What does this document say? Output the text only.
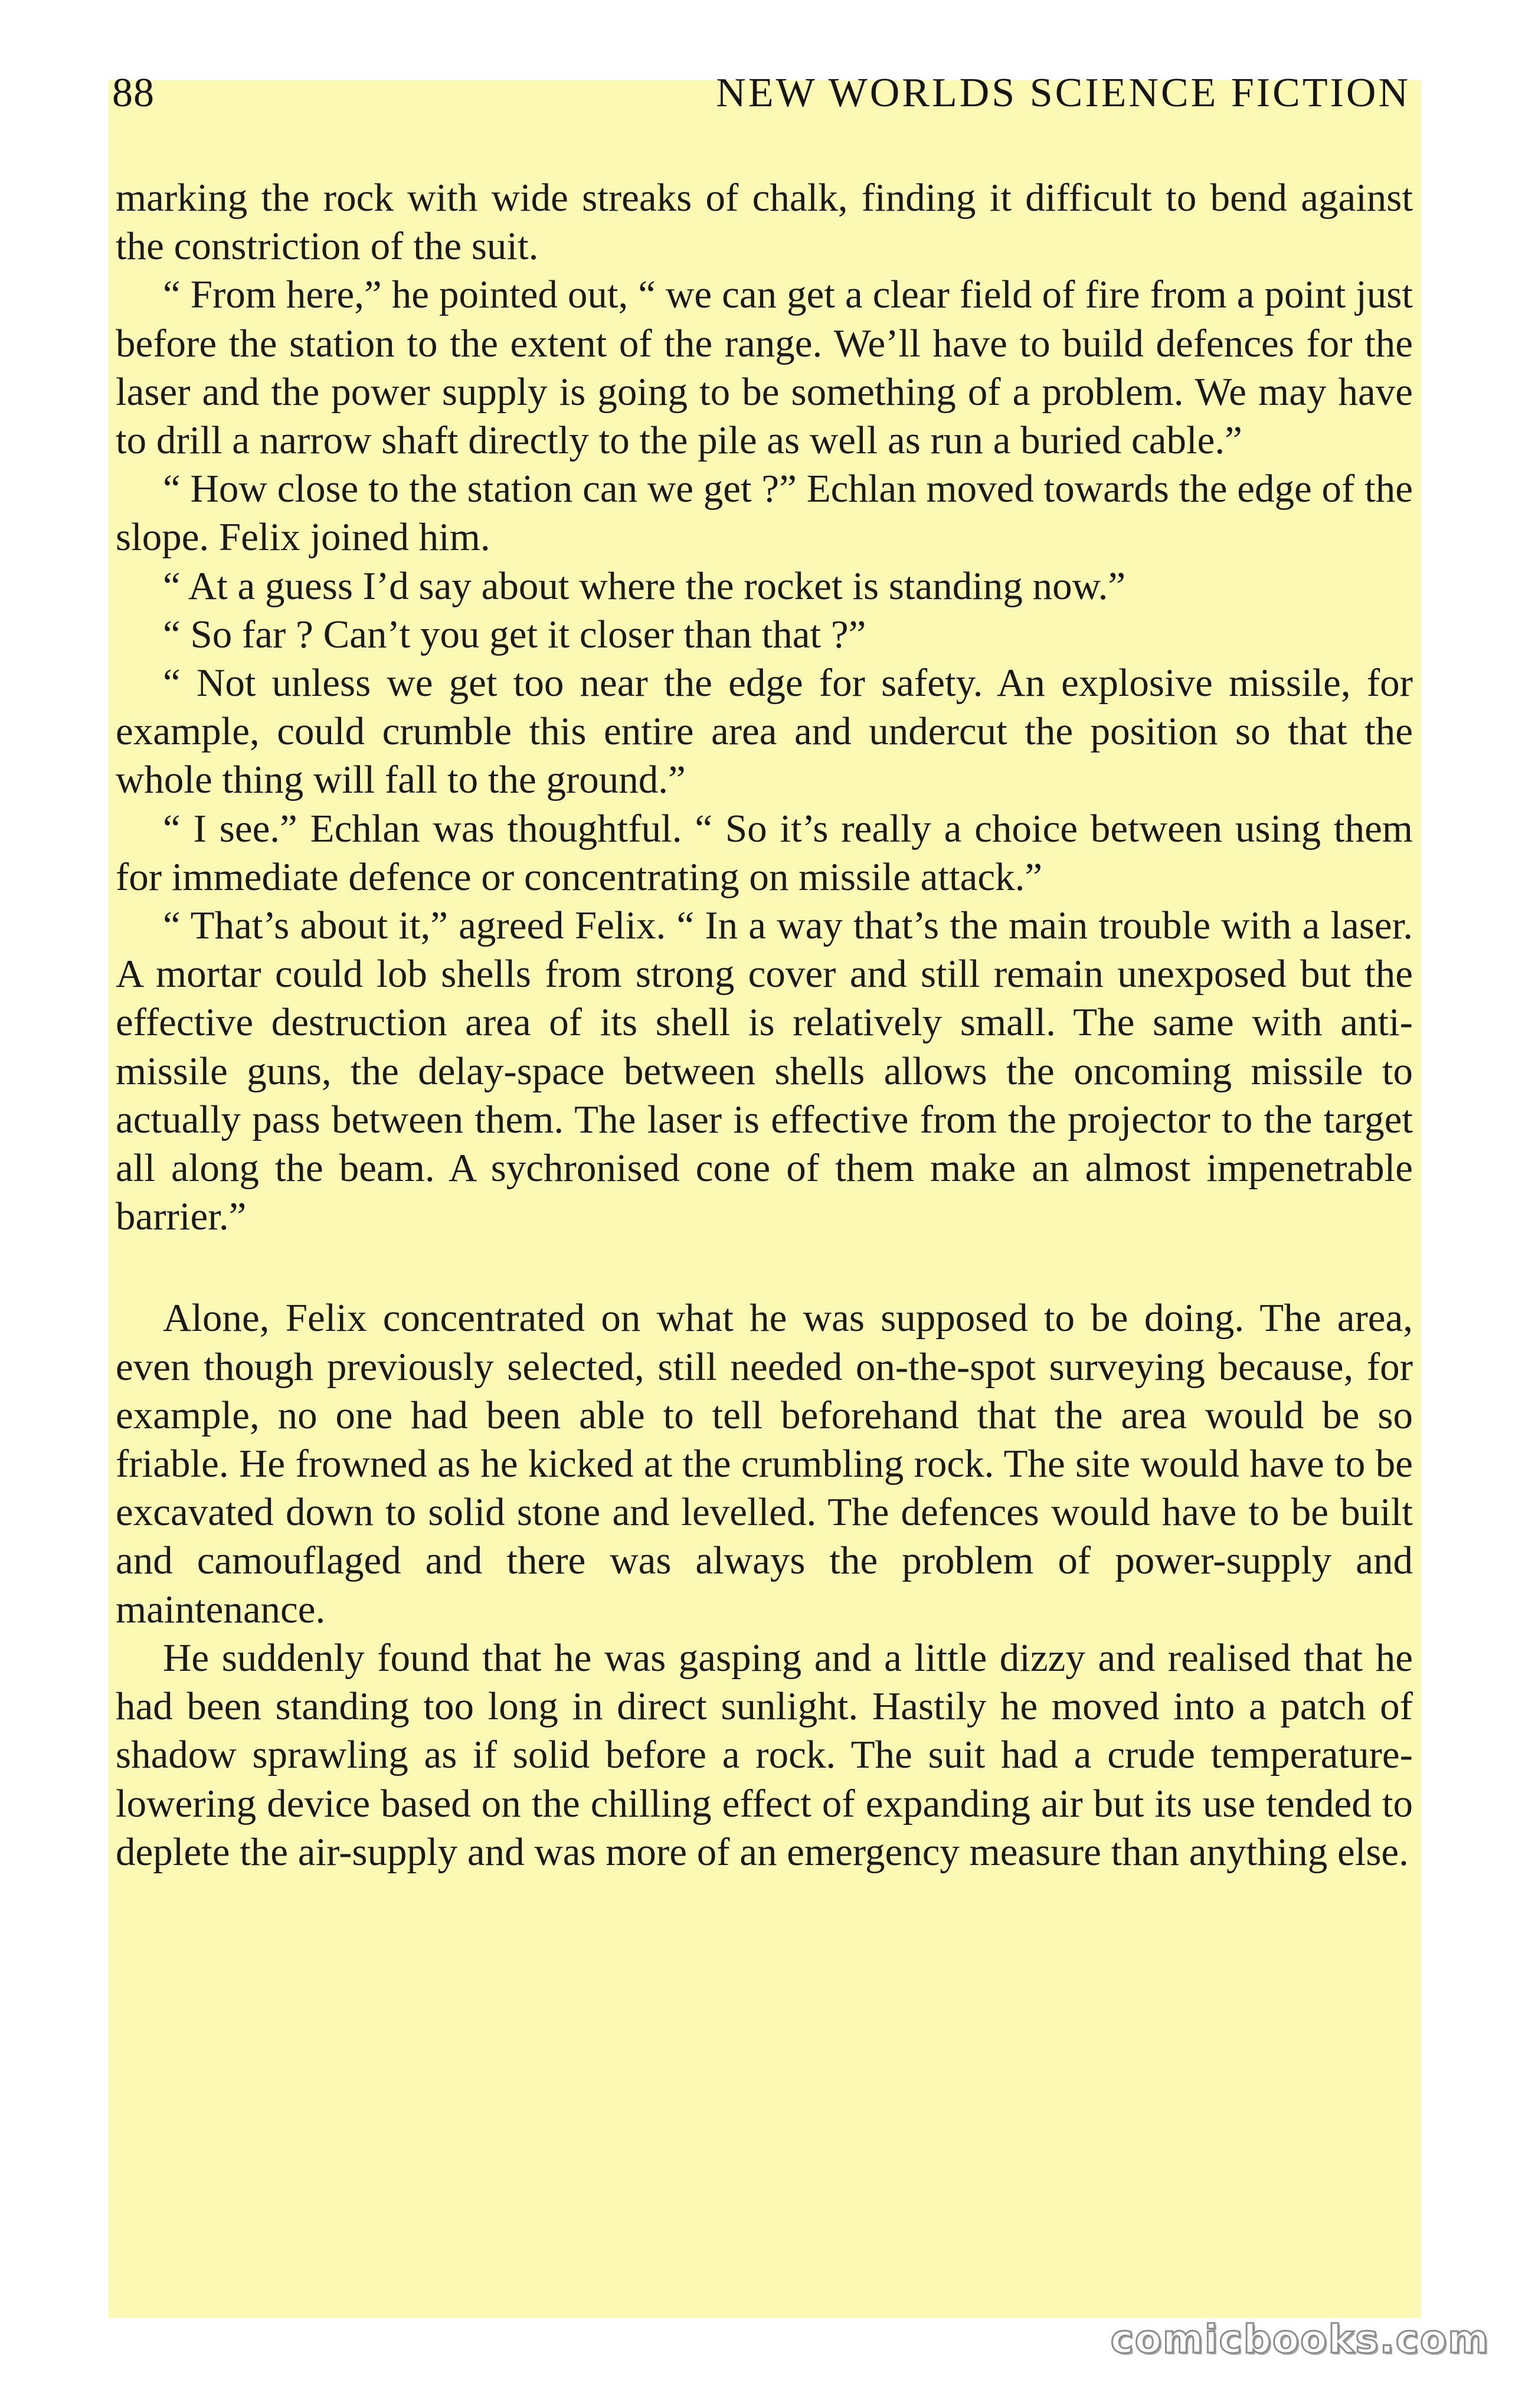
88	NEW WORLDS SCIENCE FICTION

marking the rock with wide streaks of chalk, finding it difficult to bend against the constriction of the suit.

“ From here,” he pointed out, “ we can get a clear field of fire from a point just before the station to the extent of the range. We’ll have to build defences for the laser and the power supply is going to be something of a problem. We may have to drill a narrow shaft directly to the pile as well as run a buried cable.”

“ How close to the station can we get ?” Echlan moved towards the edge of the slope. Felix joined him.

“ At a guess I’d say about where the rocket is standing now.”

“ So far ? Can’t you get it closer than that ?”

“ Not unless we get too near the edge for safety. An explosive missile, for example, could crumble this entire area and undercut the position so that the whole thing will fall to the ground.”

“ I see.” Echlan was thoughtful. “ So it’s really a choice between using them for immediate defence or concentrating on missile attack.”

“ That’s about it,” agreed Felix. “ In a way that’s the main trouble with a laser. A mortar could lob shells from strong cover and still remain unexposed but the effective destruction area of its shell is relatively small. The same with anti-missile guns, the delay-space between shells allows the oncoming missile to actually pass between them. The laser is effective from the projector to the target all along the beam. A sychronised cone of them make an almost impenetrable barrier.”

Alone, Felix concentrated on what he was supposed to be doing. The area, even though previously selected, still needed on-the-spot surveying because, for example, no one had been able to tell beforehand that the area would be so friable. He frowned as he kicked at the crumbling rock. The site would have to be excavated down to solid stone and levelled. The defences would have to be built and camouflaged and there was always the problem of power-supply and maintenance.

He suddenly found that he was gasping and a little dizzy and realised that he had been standing too long in direct sunlight. Hastily he moved into a patch of shadow sprawling as if solid before a rock. The suit had a crude temperature-lowering device based on the chilling effect of expanding air but its use tended to deplete the air-supply and was more of an emergency measure than anything else.

comicbooks.com
